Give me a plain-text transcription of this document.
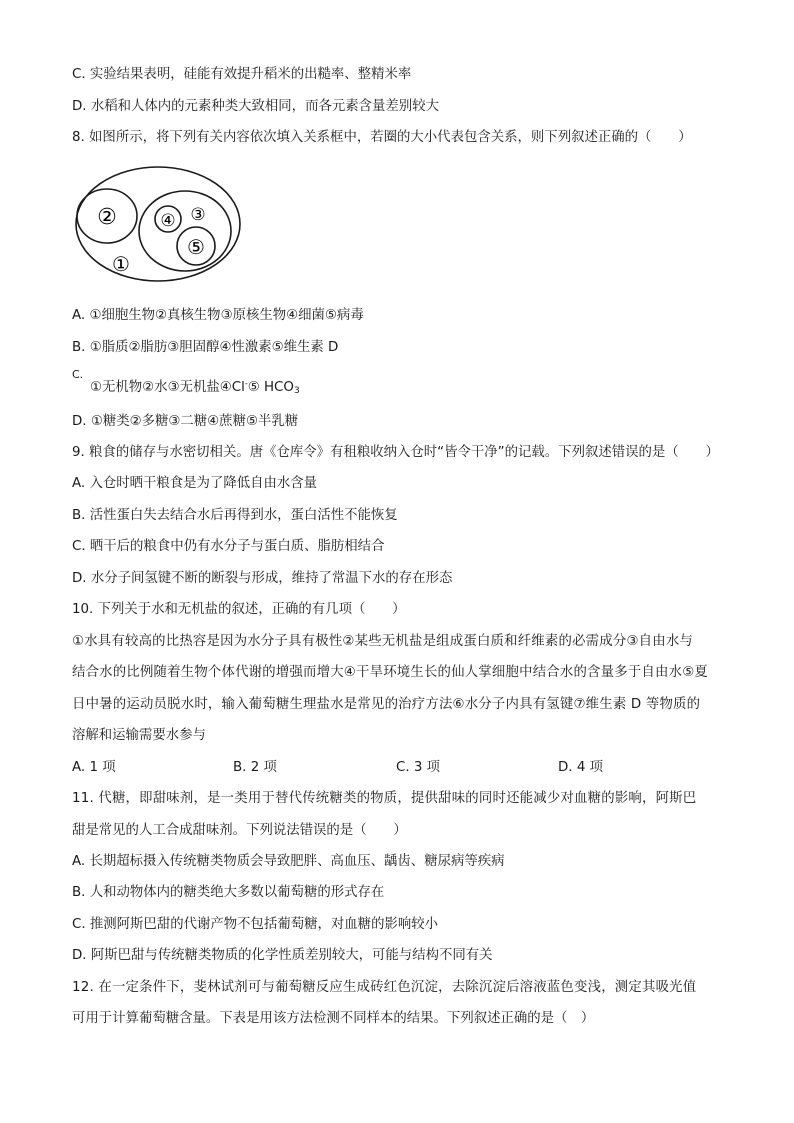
C. 实验结果表明，硅能有效提升稻米的出糙率、整精米率
D. 水稻和人体内的元素种类大致相同，而各元素含量差别较大
8. 如图所示，将下列有关内容依次填入关系框中，若圈的大小代表包含关系，则下列叙述正确的（　　）
②	④ ③
⑤
①
A. ①细胞生物②真核生物③原核生物④细菌⑤病毒
B. ①脂质②脂肪③胆固醇④性激素⑤维生素 D
C.
①无机物②水③无机盐④Cl-⑤ $HCO_3$
D. ①糖类②多糖③二糖④蔗糖⑤半乳糖
9. 粮食的储存与水密切相关。唐《仓库令》有租粮收纳入仓时“皆令干净”的记载。下列叙述错误的是（　　）
A. 入仓时晒干粮食是为了降低自由水含量
B. 活性蛋白失去结合水后再得到水，蛋白活性不能恢复
C. 晒干后的粮食中仍有水分子与蛋白质、脂肪相结合
D. 水分子间氢键不断的断裂与形成，维持了常温下水的存在形态
10. 下列关于水和无机盐的叙述，正确的有几项（　　）
①水具有较高的比热容是因为水分子具有极性②某些无机盐是组成蛋白质和纤维素的必需成分③自由水与
结合水的比例随着生物个体代谢的增强而增大④干旱环境生长的仙人掌细胞中结合水的含量多于自由水⑤夏
日中暑的运动员脱水时，输入葡萄糖生理盐水是常见的治疗方法⑥水分子内具有氢键⑦维生素 D 等物质的
溶解和运输需要水参与
A. 1 项	B. 2 项	C. 3 项	D. 4 项
11. 代糖，即甜味剂，是一类用于替代传统糖类的物质，提供甜味的同时还能减少对血糖的影响，阿斯巴
甜是常见的人工合成甜味剂。下列说法错误的是（　　）
A. 长期超标摄入传统糖类物质会导致肥胖、高血压、龋齿、糖尿病等疾病
B. 人和动物体内的糖类绝大多数以葡萄糖的形式存在
C. 推测阿斯巴甜的代谢产物不包括葡萄糖，对血糖的影响较小
D. 阿斯巴甜与传统糖类物质的化学性质差别较大，可能与结构不同有关
12. 在一定条件下，斐林试剂可与葡萄糖反应生成砖红色沉淀，去除沉淀后溶液蓝色变浅，测定其吸光值
可用于计算葡萄糖含量。下表是用该方法检测不同样本的结果。下列叙述正确的是（　）
